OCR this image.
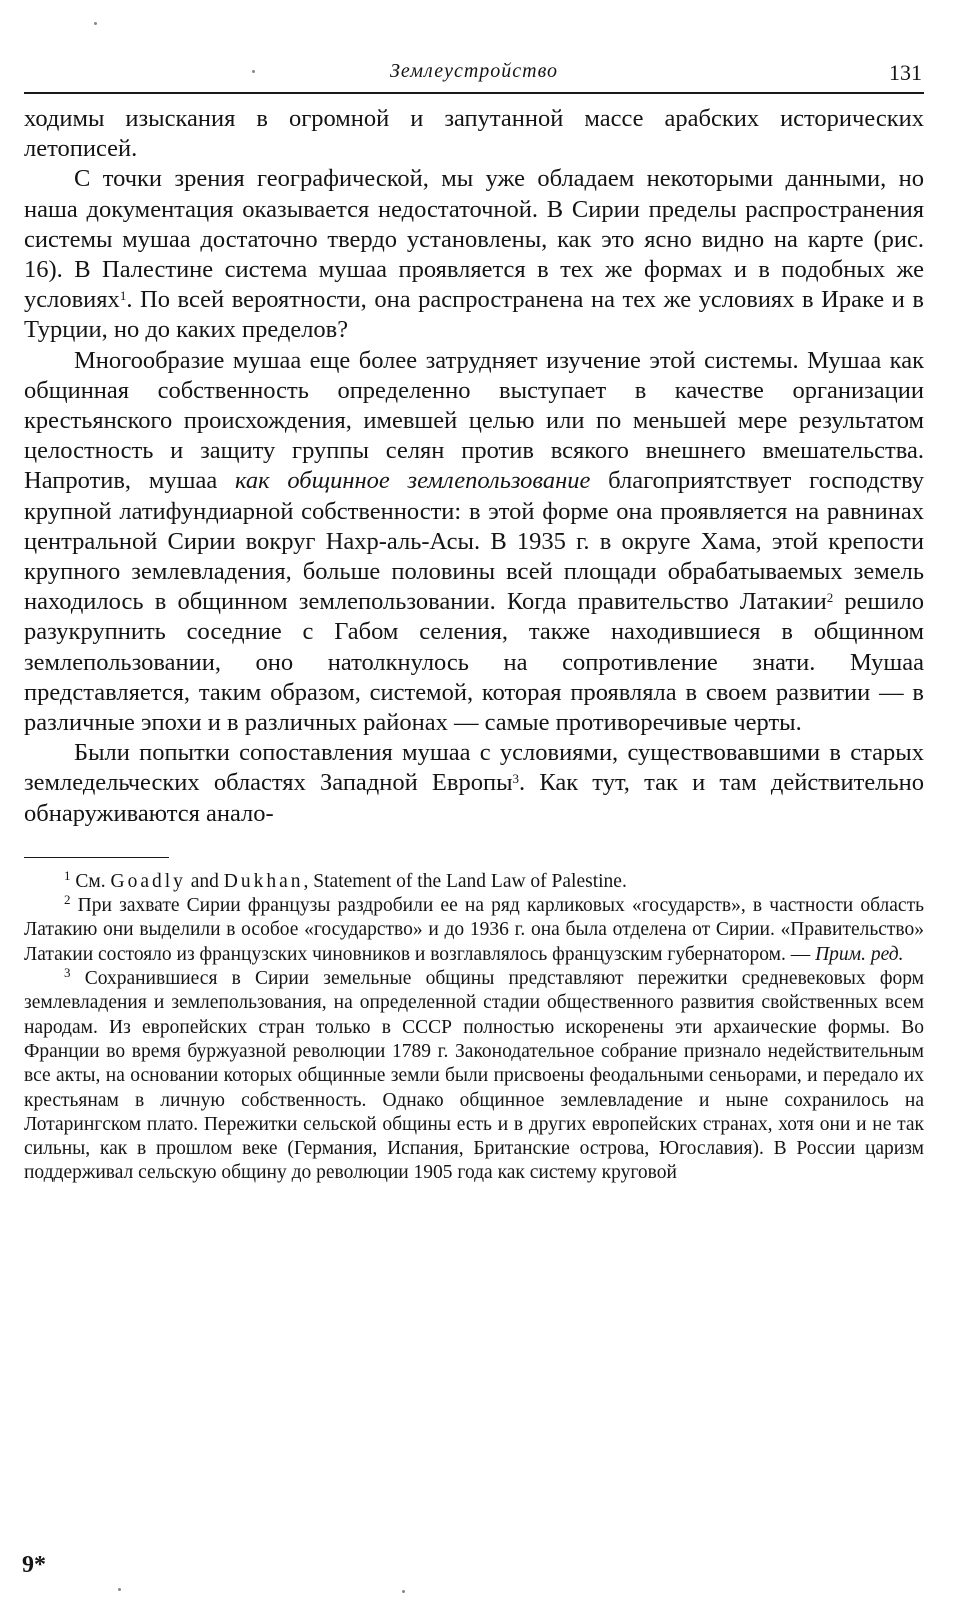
Землеустройство	131

ходимы изыскания в огромной и запутанной массе арабских исторических летописей.

С точки зрения географической, мы уже обладаем некоторыми данными, но наша документация оказывается недостаточной. В Сирии пределы распространения системы мушаа достаточно твердо установлены, как это ясно видно на карте (рис. 16). В Палестине система мушаа проявляется в тех же формах и в подобных же условиях$^1$. По всей вероятности, она распространена на тех же условиях в Ираке и в Турции, но до каких пределов?

Многообразие мушаа еще более затрудняет изучение этой системы. Мушаа как общинная собственность определенно выступает в качестве организации крестьянского происхождения, имевшей целью или по меньшей мере результатом целостность и защиту группы селян против всякого внешнего вмешательства. Напротив, мушаа как общинное землепользование благоприятствует господству крупной латифундиарной собственности: в этой форме она проявляется на равнинах центральной Сирии вокруг Нахр-аль-Асы. В 1935 г. в округе Хама, этой крепости крупного землевладения, больше половины всей площади обрабатываемых земель находилось в общинном землепользовании. Когда правительство Латакии$^2$ решило разукрупнить соседние с Габом селения, также находившиеся в общинном землепользовании, оно натолкнулось на сопротивление знати. Мушаа представляется, таким образом, системой, которая проявляла в своем развитии — в различные эпохи и в различных районах — самые противоречивые черты.

Были попытки сопоставления мушаа с условиями, существовавшими в старых земледельческих областях Западной Европы$^3$. Как тут, так и там действительно обнаруживаются анало-

$^1$ См. Goadly and Dukhan, Statement of the Land Law of Palestine.

$^2$ При захвате Сирии французы раздробили ее на ряд карликовых «государств», в частности область Латакию они выделили в особое «государство» и до 1936 г. она была отделена от Сирии. «Правительство» Латакии состояло из французских чиновников и возглавлялось французским губернатором. — Прим. ред.

$^3$ Сохранившиеся в Сирии земельные общины представляют пережитки средневековых форм землевладения и землепользования, на определенной стадии общественного развития свойственных всем народам. Из европейских стран только в СССР полностью искоренены эти архаические формы. Во Франции во время буржуазной революции 1789 г. Законодательное собрание признало недействительным все акты, на основании которых общинные земли были присвоены феодальными сеньорами, и передало их крестьянам в личную собственность. Однако общинное землевладение и ныне сохранилось на Лотарингском плато. Пережитки сельской общины есть и в других европейских странах, хотя они и не так сильны, как в прошлом веке (Германия, Испания, Британские острова, Югославия). В России царизм поддерживал сельскую общину до революции 1905 года как систему круговой

9*
